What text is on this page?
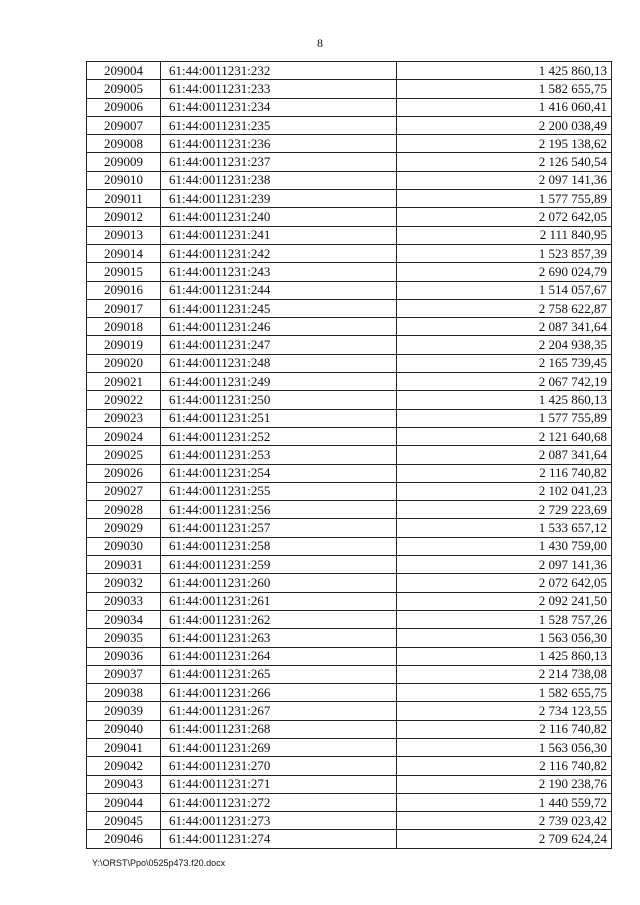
8
209004	61:44:0011231:232	1 425 860,13
209005	61:44:0011231:233	1 582 655,75
209006	61:44:0011231:234	1 416 060,41
209007	61:44:0011231:235	2 200 038,49
209008	61:44:0011231:236	2 195 138,62
209009	61:44:0011231:237	2 126 540,54
209010	61:44:0011231:238	2 097 141,36
209011	61:44:0011231:239	1 577 755,89
209012	61:44:0011231:240	2 072 642,05
209013	61:44:0011231:241	2 111 840,95
209014	61:44:0011231:242	1 523 857,39
209015	61:44:0011231:243	2 690 024,79
209016	61:44:0011231:244	1 514 057,67
209017	61:44:0011231:245	2 758 622,87
209018	61:44:0011231:246	2 087 341,64
209019	61:44:0011231:247	2 204 938,35
209020	61:44:0011231:248	2 165 739,45
209021	61:44:0011231:249	2 067 742,19
209022	61:44:0011231:250	1 425 860,13
209023	61:44:0011231:251	1 577 755,89
209024	61:44:0011231:252	2 121 640,68
209025	61:44:0011231:253	2 087 341,64
209026	61:44:0011231:254	2 116 740,82
209027	61:44:0011231:255	2 102 041,23
209028	61:44:0011231:256	2 729 223,69
209029	61:44:0011231:257	1 533 657,12
209030	61:44:0011231:258	1 430 759,00
209031	61:44:0011231:259	2 097 141,36
209032	61:44:0011231:260	2 072 642,05
209033	61:44:0011231:261	2 092 241,50
209034	61:44:0011231:262	1 528 757,26
209035	61:44:0011231:263	1 563 056,30
209036	61:44:0011231:264	1 425 860,13
209037	61:44:0011231:265	2 214 738,08
209038	61:44:0011231:266	1 582 655,75
209039	61:44:0011231:267	2 734 123,55
209040	61:44:0011231:268	2 116 740,82
209041	61:44:0011231:269	1 563 056,30
209042	61:44:0011231:270	2 116 740,82
209043	61:44:0011231:271	2 190 238,76
209044	61:44:0011231:272	1 440 559,72
209045	61:44:0011231:273	2 739 023,42
209046	61:44:0011231:274	2 709 624,24
Y:\ORST\Ppo\0525p473.f20.docx
